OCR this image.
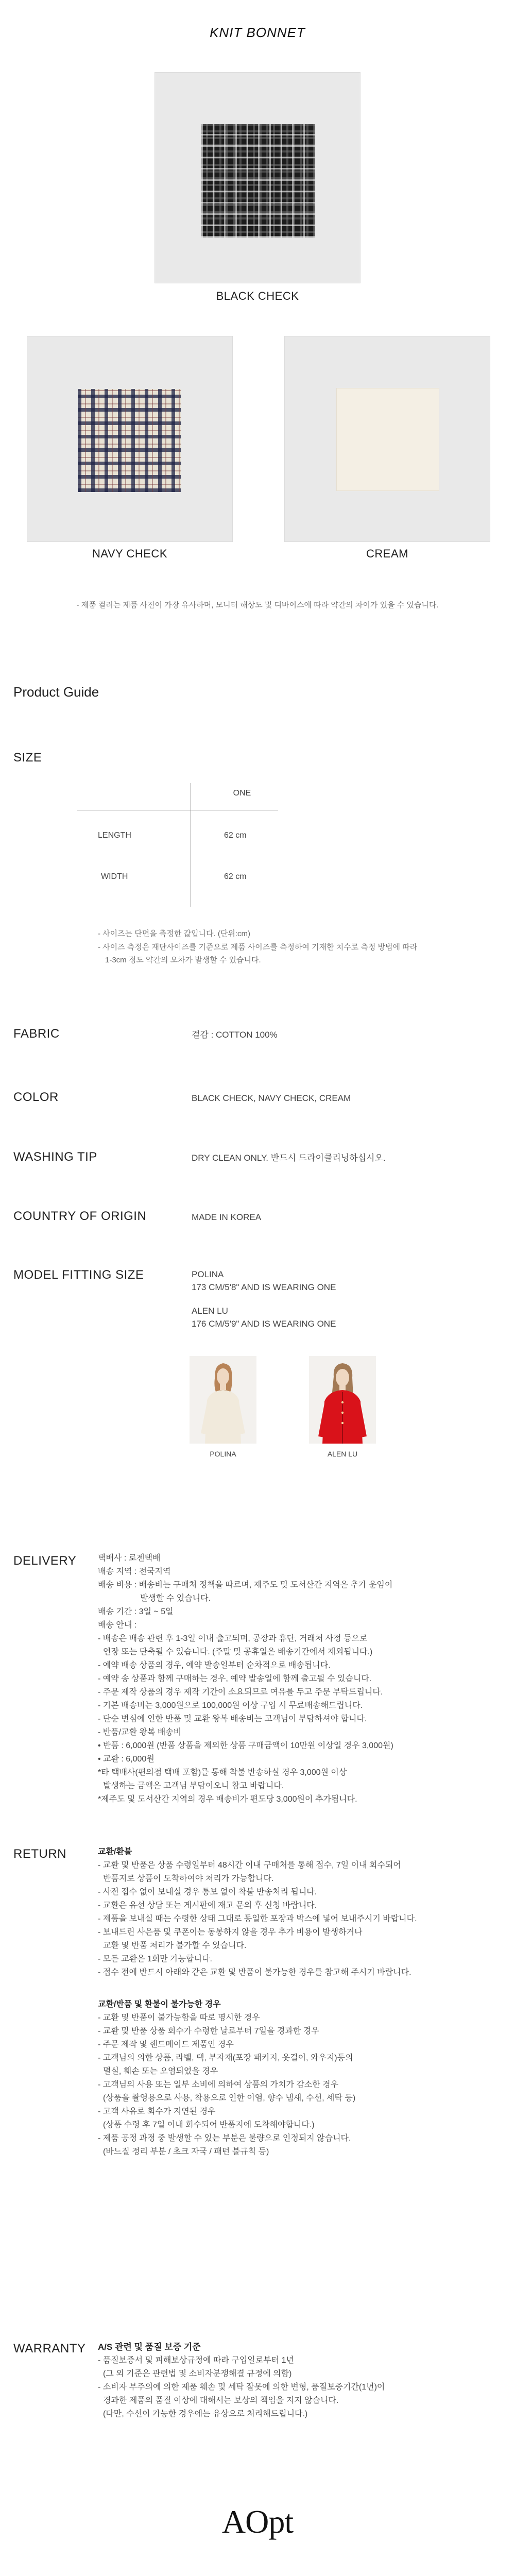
KNIT BONNET
BLACK CHECK
NAVY CHECK	CREAM
- 제품 컬러는 제품 사진이 가장 유사하며, 모니터 해상도 및 디바이스에 따라 약간의 차이가 있을 수 있습니다.
Product Guide
SIZE
ONE
LENGTH	62 cm
WIDTH	62 cm
- 사이즈는 단면을 측정한 값입니다. (단위:cm)
- 사이즈 측정은 재단사이즈를 기준으로 제품 사이즈를 측정하여 기재한 치수로 측정 방법에 따라
1-3cm 정도 약간의 오차가 발생할 수 있습니다.
FABRIC	겉감 : COTTON 100%
COLOR	BLACK CHECK, NAVY CHECK, CREAM
WASHING TIP	DRY CLEAN ONLY. 반드시 드라이클리닝하십시오.
COUNTRY OF ORIGIN	MADE IN KOREA
MODEL FITTING SIZE	POLINA
173 CM/5'8" AND IS WEARING ONE
ALEN LU
176 CM/5'9" AND IS WEARING ONE
POLINA	ALEN LU
DELIVERY	택배사 : 로젠택배
배송 지역 : 전국지역
배송 비용 : 배송비는 구매처 정책을 따르며, 제주도 및 도서산간 지역은 추가 운임이
발생할 수 있습니다.
배송 기간 : 3일 ~ 5일
배송 안내 :
- 배송은 배송 관련 후 1-3일 이내 출고되며, 공장과 휴단, 거래처 사정 등으로
연장 또는 단축될 수 있습니다. (주말 및 공휴일은 배송기간에서 제외됩니다.)
- 예약 배송 상품의 경우, 예약 발송일부터 순차적으로 배송됩니다.
- 예약 송 상품과 함께 구매하는 경우, 예약 발송일에 함께 출고될 수 있습니다.
- 주문 제작 상품의 경우 제작 기간이 소요되므로 여유를 두고 주문 부탁드립니다.
- 기본 배송비는 3,000원으로 100,000원 이상 구입 시 무료배송해드립니다.
- 단순 변심에 인한 반품 및 교환 왕복 배송비는 고객님이 부담하셔야 합니다.
- 반품/교환 왕복 배송비
• 반품 : 6,000원 (반품 상품을 제외한 상품 구매금액이 10만원 이상일 경우 3,000원)
• 교환 : 6,000원
*타 택배사(편의점 택배 포함)를 통해 착불 반송하실 경우 3,000원 이상
발생하는 금액은 고객님 부담이오니 참고 바랍니다.
*제주도 및 도서산간 지역의 경우 배송비가 편도당 3,000원이 추가됩니다.
RETURN	교환/환불
- 교환 및 반품은 상품 수령일부터 48시간 이내 구매처를 통해 접수, 7일 이내 회수되어
반품지로 상품이 도착하여야 처리가 가능합니다.
- 사전 접수 없이 보내실 경우 통보 없이 착불 반송처리 됩니다.
- 교환은 유선 상담 또는 게시판에 재고 문의 후 신청 바랍니다.
- 제품을 보내실 때는 수령한 상태 그대로 동일한 포장과 박스에 넣어 보내주시기 바랍니다.
- 보내드린 사은품 및 쿠폰이는 동봉하지 않을 경우 추가 비용이 발생하거나
교환 및 반품 처리가 불가할 수 있습니다.
- 모든 교환은 1회만 가능합니다.
- 접수 전에 반드시 아래와 같은 교환 및 반품이 불가능한 경우를 참고해 주시기 바랍니다.
교환/반품 및 환불이 불가능한 경우
- 교환 및 반품이 불가능함을 따로 명시한 경우
- 교환 및 반품 상품 회수가 수령한 날로부터 7일을 경과한 경우
- 주문 제작 및 핸드메이드 제품인 경우
- 고객님의 의한 상품, 라벨, 택, 부자재(포장 패키지, 옷걸이, 와우지)등의
멸실, 훼손 또는 오염되었을 경우
- 고객님의 사용 또는 일부 소비에 의하여 상품의 가치가 감소한 경우
(상품을 촬영용으로 사용, 착용으로 인한 이염, 향수 냄새, 수선, 세탁 등)
- 고객 사유로 회수가 지연된 경우
(상품 수령 후 7일 이내 회수되어 반품지에 도착해야합니다.)
- 제품 공정 과정 중 발생할 수 있는 부분은 불량으로 인정되지 않습니다.
(바느질 정리 부분 / 초크 자국 / 패턴 불규칙 등)
WARRANTY A/S 관련 및 품질 보증 기준
- 품질보증서 및 피해보상규정에 따라 구입일로부터 1년
(그 외 기준은 관련법 및 소비자분쟁해결 규정에 의함)
- 소비자 부주의에 의한 제품 훼손 및 세탁 잘못에 의한 변형, 품질보증기간(1년)이
경과한 제품의 품질 이상에 대해서는 보상의 책임을 지지 않습니다.
(다만, 수선이 가능한 경우에는 유상으로 처리해드립니다.)
AOpt
